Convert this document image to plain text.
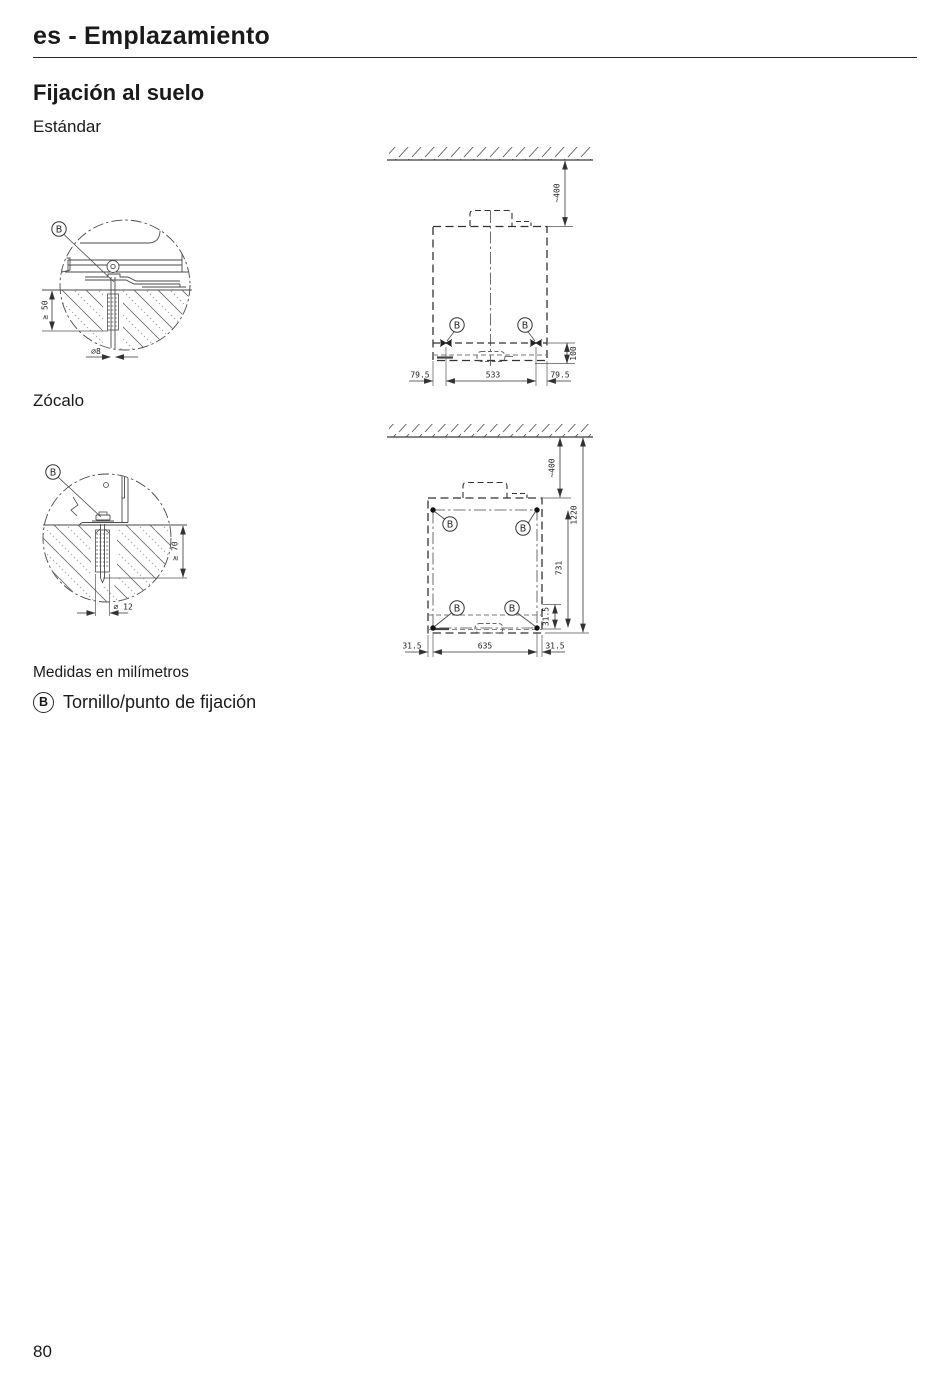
es - Emplazamiento
Fijación al suelo
Estándar
Zócalo
≥ 50
∅8
B
~400
B	B
100
79.5	533	79.5
≥ 70
∅ 12
B	~400
1220
B	B
B	B
731
31.5
31.5	635	31.5
Medidas en milímetros
B Tornillo/punto de fijación
80
